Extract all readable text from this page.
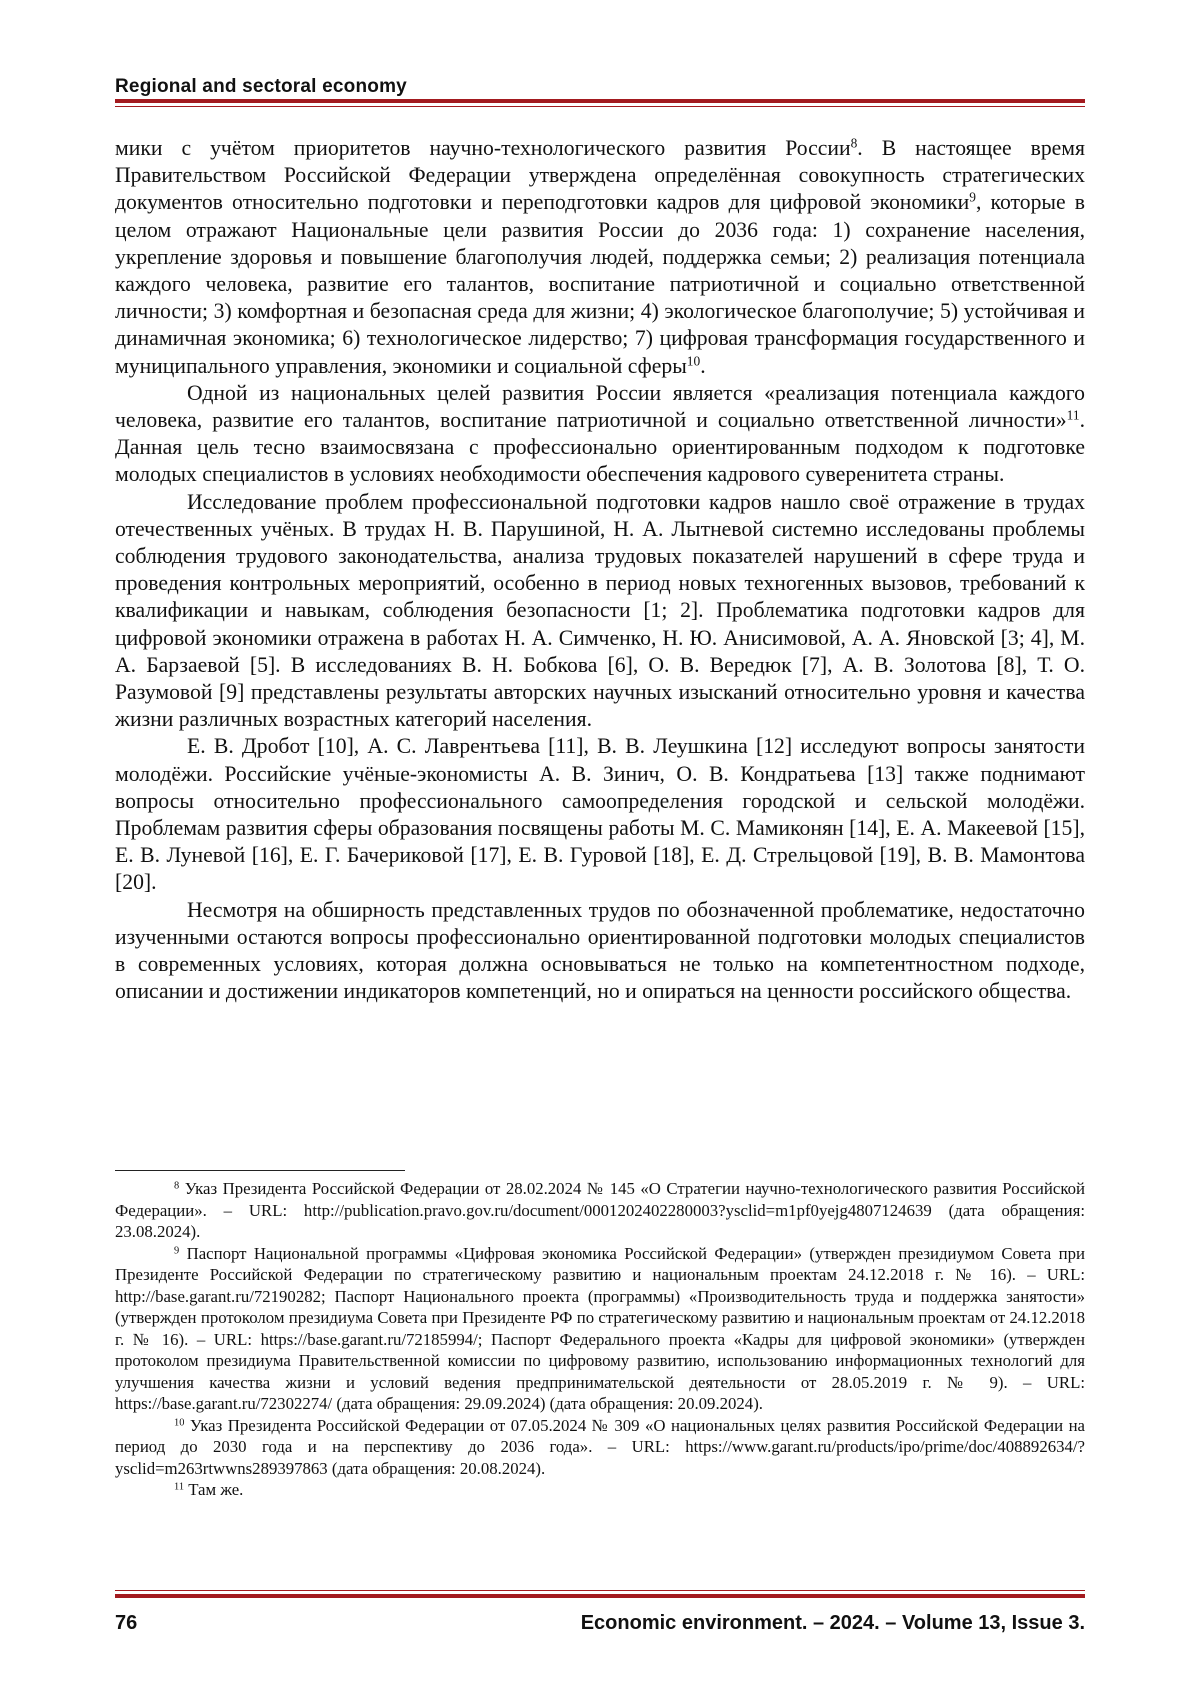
Regional and sectoral economy

мики с учётом приоритетов научно-технологического развития России$^8$. В настоящее время Правительством Российской Федерации утверждена определённая совокупность стратегических документов относительно подготовки и переподготовки кадров для цифровой экономики$^9$, которые в целом отражают Национальные цели развития России до 2036 года: 1) сохранение населения, укрепление здоровья и повышение благополучия людей, поддержка семьи; 2) реализация потенциала каждого человека, развитие его талантов, воспитание патриотичной и социально ответственной личности; 3) комфортная и безопасная среда для жизни; 4) экологическое благополучие; 5) устойчивая и динамичная экономика; 6) технологическое лидерство; 7) цифровая трансформация государственного и муниципального управления, экономики и социальной сферы$^{10}$.

Одной из национальных целей развития России является «реализация потенциала каждого человека, развитие его талантов, воспитание патриотичной и социально ответственной личности»$^{11}$. Данная цель тесно взаимосвязана с профессионально ориентированным подходом к подготовке молодых специалистов в условиях необходимости обеспечения кадрового суверенитета страны.

Исследование проблем профессиональной подготовки кадров нашло своё отражение в трудах отечественных учёных. В трудах Н. В. Парушиной, Н. А. Лытневой системно исследованы проблемы соблюдения трудового законодательства, анализа трудовых показателей нарушений в сфере труда и проведения контрольных мероприятий, особенно в период новых техногенных вызовов, требований к квалификации и навыкам, соблюдения безопасности [1; 2]. Проблематика подготовки кадров для цифровой экономики отражена в работах Н. А. Симченко, Н. Ю. Анисимовой, А. А. Яновской [3; 4], М. А. Барзаевой [5]. В исследованиях В. Н. Бобкова [6], О. В. Вередюк [7], А. В. Золотова [8], Т. О. Разумовой [9] представлены результаты авторских научных изысканий относительно уровня и качества жизни различных возрастных категорий населения.

Е. В. Дробот [10], А. С. Лаврентьева [11], В. В. Леушкина [12] исследуют вопросы занятости молодёжи. Российские учёные-экономисты А. В. Зинич, О. В. Кондратьева [13] также поднимают вопросы относительно профессионального самоопределения городской и сельской молодёжи. Проблемам развития сферы образования посвящены работы М. С. Мамиконян [14], Е. А. Макеевой [15], Е. В. Луневой [16], Е. Г. Бачериковой [17], Е. В. Гуровой [18], Е. Д. Стрельцовой [19], В. В. Мамонтова [20].

Несмотря на обширность представленных трудов по обозначенной проблематике, недостаточно изученными остаются вопросы профессионально ориентированной подготовки молодых специалистов в современных условиях, которая должна основываться не только на компетентностном подходе, описании и достижении индикаторов компетенций, но и опираться на ценности российского общества.

$^8$ Указ Президента Российской Федерации от 28.02.2024 № 145 «О Стратегии научно-технологического развития Российской Федерации». – URL: http://publication.pravo.gov.ru/document/0001202402280003?ysclid=m1pf0yejg4807124639 (дата обращения: 23.08.2024).

$^9$ Паспорт Национальной программы «Цифровая экономика Российской Федерации» (утвержден президиумом Совета при Президенте Российской Федерации по стратегическому развитию и национальным проектам 24.12.2018 г. № 16). – URL: http://base.garant.ru/72190282; Паспорт Национального проекта (программы) «Производительность труда и поддержка занятости» (утвержден протоколом президиума Совета при Президенте РФ по стратегическому развитию и национальным проектам от 24.12.2018 г. № 16). – URL: https://base.garant.ru/72185994/; Паспорт Федерального проекта «Кадры для цифровой экономики» (утвержден протоколом президиума Правительственной комиссии по цифровому развитию, использованию информационных технологий для улучшения качества жизни и условий ведения предпринимательской деятельности от 28.05.2019 г. № 9). – URL: https://base.garant.ru/72302274/ (дата обращения: 29.09.2024) (дата обращения: 20.09.2024).

$^{10}$ Указ Президента Российской Федерации от 07.05.2024 № 309 «О национальных целях развития Российской Федерации на период до 2030 года и на перспективу до 2036 года». – URL: https://www.garant.ru/products/ipo/prime/doc/408892634/?ysclid=m263rtwwns289397863 (дата обращения: 20.08.2024).

$^{11}$ Там же.

76	Economic environment. – 2024. – Volume 13, Issue 3.
